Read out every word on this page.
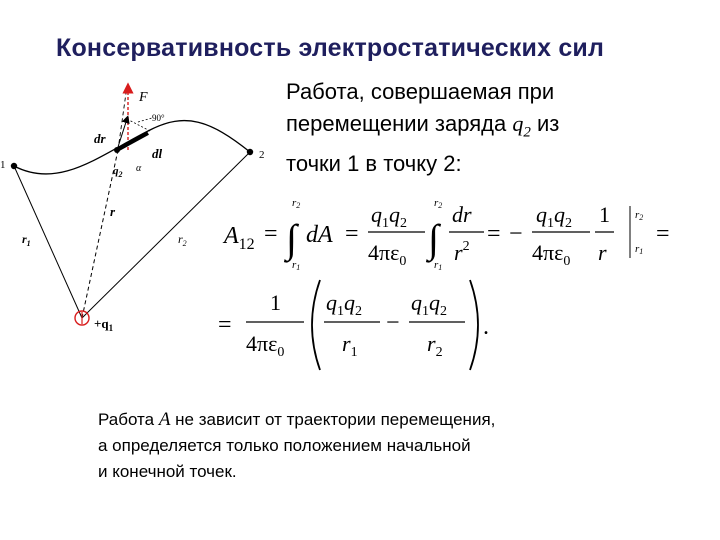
Консервативность электростатических сил
Работа, совершаемая при
перемещении заряда $q_2$ из
точки 1 в точку 2:
1
2
F
90°
dr
dl
α
$q_2$
r
$r_1$	$r_2$
$+q_1$
$A_{12}$ = ∫
r2
r1
dA =
$q_1q_2$
$4\pi\varepsilon_0$
∫
r2
r1
dr
$r^2$ = −
$q_1q_2$
$4\pi\varepsilon_0$
1
r
r2
r1
=
=
1
$4\pi\varepsilon_0$
$q_1q_2$
$r_1$
−
$q_1q_2$
$r_2$
.
Работа A не зависит от траектории перемещения,
а определяется только положением начальной
и конечной точек.
